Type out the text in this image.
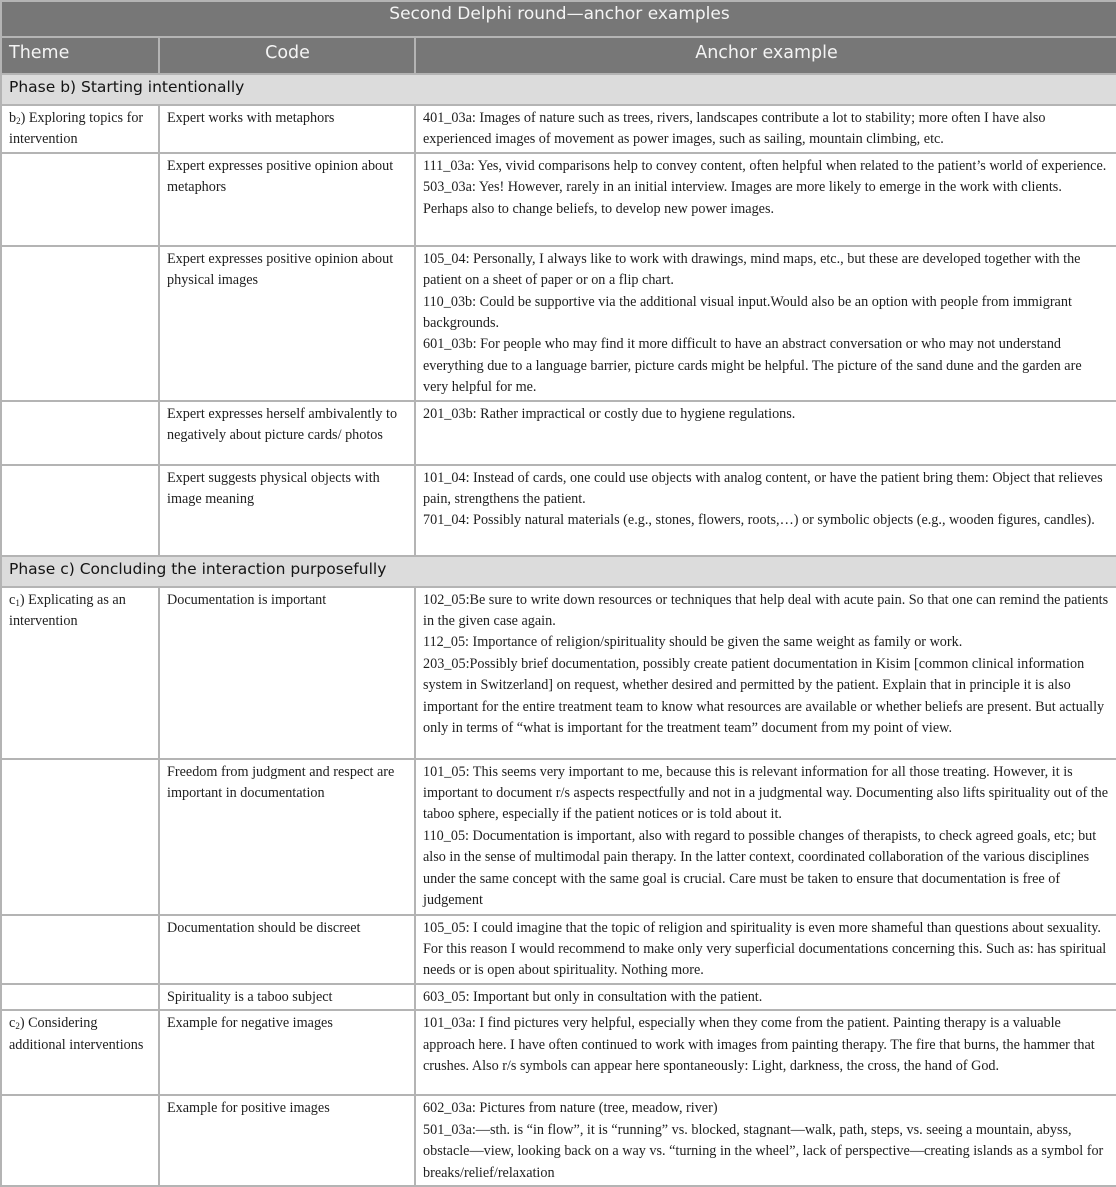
Second Delphi round—anchor examples		
Theme	Code	Anchor example
Phase b) Starting intentionally		
$b_2$) Exploring topics for intervention	Expert works with metaphors	401_03a: Images of nature such as trees, rivers, landscapes contribute a lot to stability; more often I have also experienced images of movement as power images, such as sailing, mountain climbing, etc.

	Expert expresses positive opinion about metaphors	111_03a: Yes, vivid comparisons help to convey content, often helpful when related to the patient’s world of experience.
503_03a: Yes! However, rarely in an initial interview. Images are more likely to emerge in the work with clients. Perhaps also to change beliefs, to develop new power images.

	Expert expresses positive opinion about physical images	105_04: Personally, I always like to work with drawings, mind maps, etc., but these are developed together with the patient on a sheet of paper or on a flip chart.
110_03b: Could be supportive via the additional visual input.Would also be an option with people from immigrant backgrounds.
601_03b: For people who may find it more difficult to have an abstract conversation or who may not understand everything due to a language barrier, picture cards might be helpful. The picture of the sand dune and the garden are very helpful for me.

	Expert expresses herself ambivalently to negatively about picture cards/ photos	201_03b: Rather impractical or costly due to hygiene regulations.

	Expert suggests physical objects with image meaning	101_04: Instead of cards, one could use objects with analog content, or have the patient bring them: Object that relieves pain, strengthens the patient.
701_04: Possibly natural materials (e.g., stones, flowers, roots,…) or symbolic objects (e.g., wooden figures, candles).

Phase c) Concluding the interaction purposefully		
$c_1$) Explicating as an intervention	Documentation is important	102_05:Be sure to write down resources or techniques that help deal with acute pain. So that one can remind the patients in the given case again.
112_05: Importance of religion/spirituality should be given the same weight as family or work.
203_05:Possibly brief documentation, possibly create patient documentation in Kisim [common clinical information system in Switzerland] on request, whether desired and permitted by the patient. Explain that in principle it is also important for the entire treatment team to know what resources are available or whether beliefs are present. But actually only in terms of “what is important for the treatment team” document from my point of view.

	Freedom from judgment and respect are important in documentation	101_05: This seems very important to me, because this is relevant information for all those treating. However, it is important to document r/s aspects respectfully and not in a judgmental way. Documenting also lifts spirituality out of the taboo sphere, especially if the patient notices or is told about it.
110_05: Documentation is important, also with regard to possible changes of therapists, to check agreed goals, etc; but also in the sense of multimodal pain therapy. In the latter context, coordinated collaboration of the various disciplines under the same concept with the same goal is crucial. Care must be taken to ensure that documentation is free of judgement

	Documentation should be discreet	105_05: I could imagine that the topic of religion and spirituality is even more shameful than questions about sexuality. For this reason I would recommend to make only very superficial documentations concerning this. Such as: has spiritual needs or is open about spirituality. Nothing more.

	Spirituality is a taboo subject	603_05: Important but only in consultation with the patient.

$c_2$) Considering additional interventions	Example for negative images	101_03a: I find pictures very helpful, especially when they come from the patient. Painting therapy is a valuable approach here. I have often continued to work with images from painting therapy. The fire that burns, the hammer that crushes. Also r/s symbols can appear here spontaneously: Light, darkness, the cross, the hand of God.

	Example for positive images	602_03a: Pictures from nature (tree, meadow, river)
501_03a:—sth. is “in flow”, it is “running” vs. blocked, stagnant—walk, path, steps, vs. seeing a mountain, abyss, obstacle—view, looking back on a way vs. “turning in the wheel”, lack of perspective—creating islands as a symbol for breaks/relief/relaxation
